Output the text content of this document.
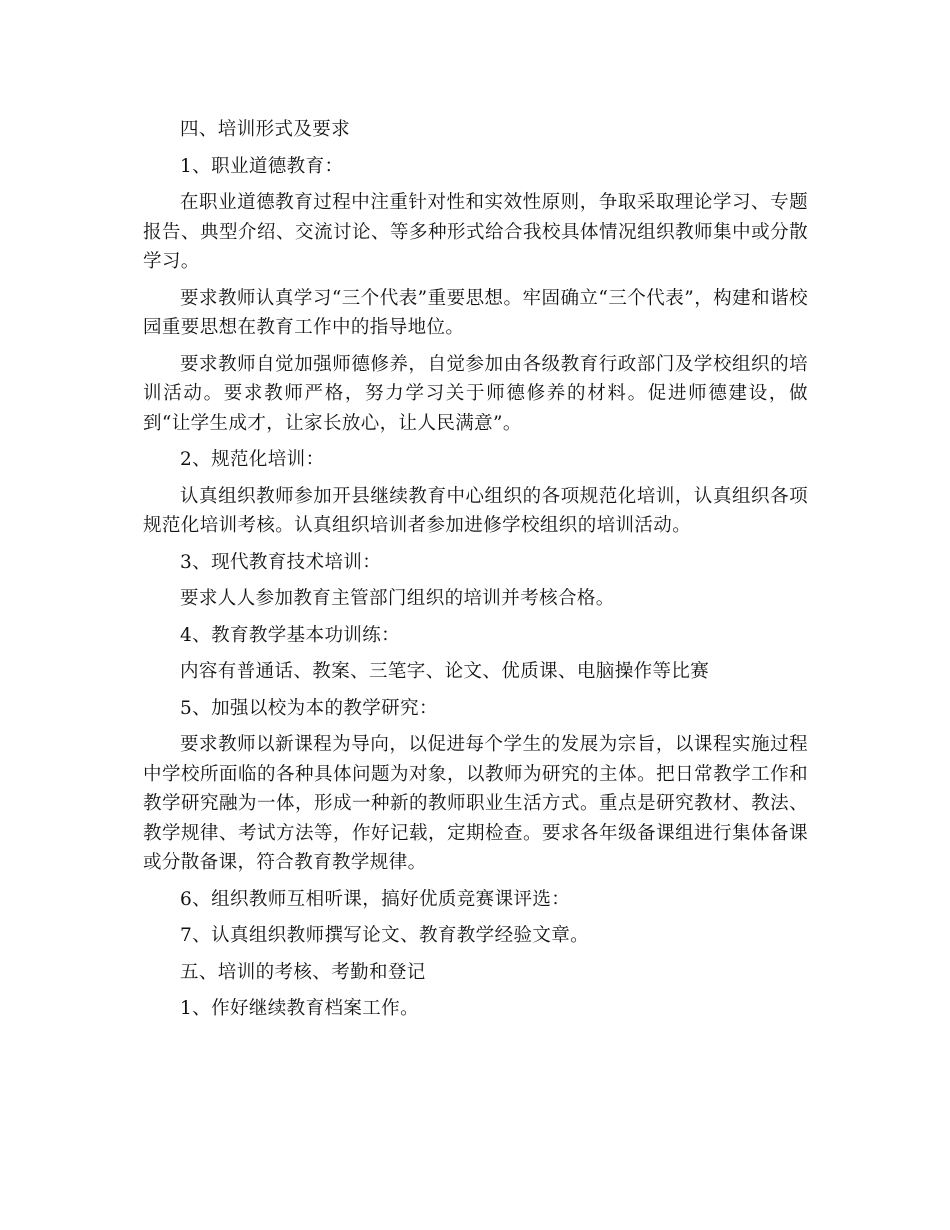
四、培训形式及要求

1、职业道德教育：

在职业道德教育过程中注重针对性和实效性原则，争取采取理论学习、专题报告、典型介绍、交流讨论、等多种形式给合我校具体情况组织教师集中或分散学习。

要求教师认真学习“三个代表”重要思想。牢固确立“三个代表”，构建和谐校园重要思想在教育工作中的指导地位。

要求教师自觉加强师德修养，自觉参加由各级教育行政部门及学校组织的培训活动。要求教师严格，努力学习关于师德修养的材料。促进师德建设，做到“让学生成才，让家长放心，让人民满意”。

2、规范化培训：

认真组织教师参加开县继续教育中心组织的各项规范化培训，认真组织各项规范化培训考核。认真组织培训者参加进修学校组织的培训活动。

3、现代教育技术培训：

要求人人参加教育主管部门组织的培训并考核合格。

4、教育教学基本功训练：

内容有普通话、教案、三笔字、论文、优质课、电脑操作等比赛

5、加强以校为本的教学研究：

要求教师以新课程为导向，以促进每个学生的发展为宗旨，以课程实施过程中学校所面临的各种具体问题为对象，以教师为研究的主体。把日常教学工作和教学研究融为一体，形成一种新的教师职业生活方式。重点是研究教材、教法、教学规律、考试方法等，作好记载，定期检查。要求各年级备课组进行集体备课或分散备课，符合教育教学规律。

6、组织教师互相听课，搞好优质竞赛课评选：

7、认真组织教师撰写论文、教育教学经验文章。

五、培训的考核、考勤和登记

1、作好继续教育档案工作。
